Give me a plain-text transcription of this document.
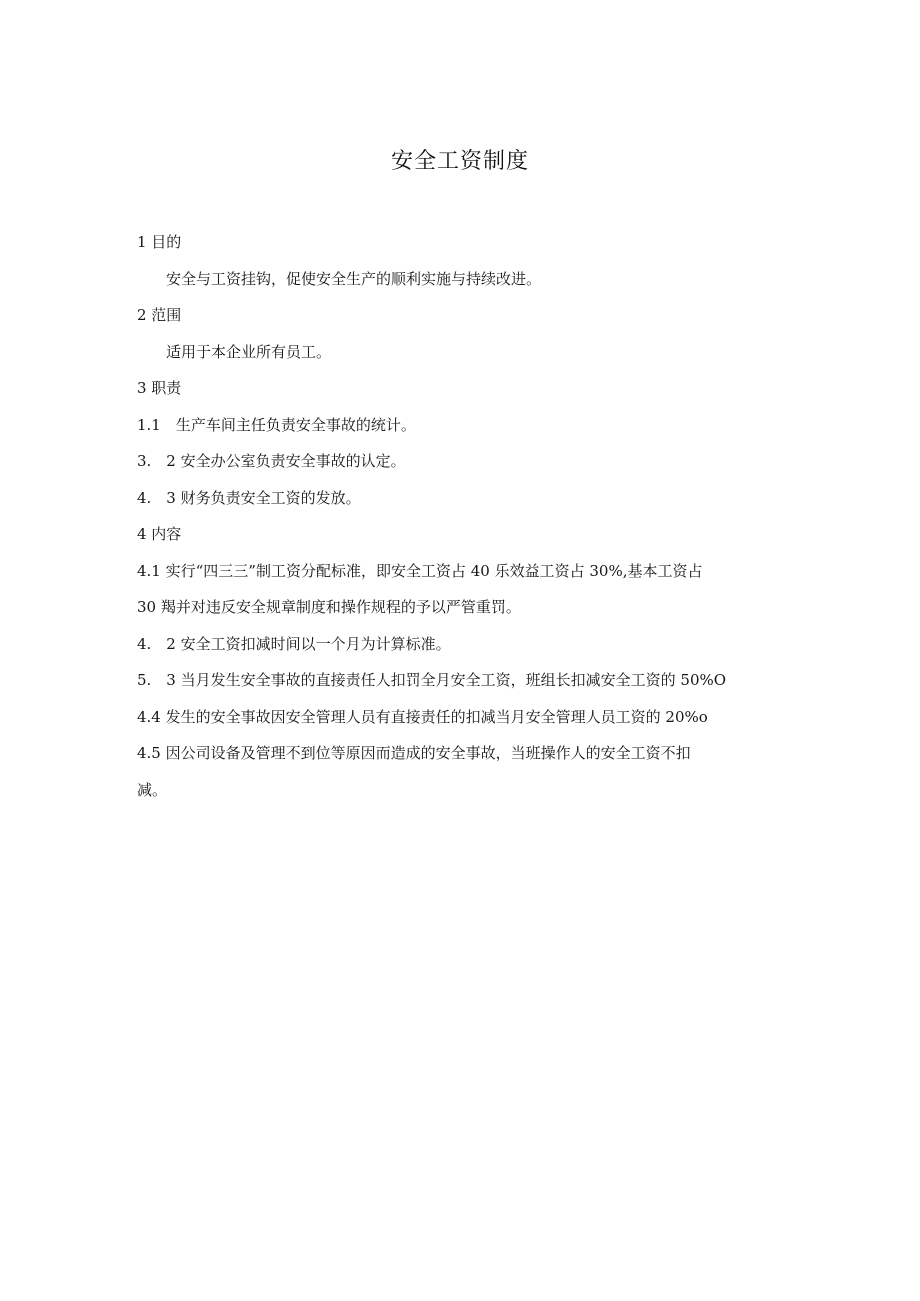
安全工资制度
1 目的
安全与工资挂钩，促使安全生产的顺利实施与持续改进。
2 范围
适用于本企业所有员工。
3 职责
1.1　生产车间主任负责安全事故的统计。
3.　2 安全办公室负责安全事故的认定。
4.　3 财务负责安全工资的发放。
4 内容
4.1 实行“四三三”制工资分配标准，即安全工资占 40 乐效益工资占 30%,基本工资占
30 羯并对违反安全规章制度和操作规程的予以严管重罚。
4.　2 安全工资扣减时间以一个月为计算标准。
5.　3 当月发生安全事故的直接责任人扣罚全月安全工资，班组长扣减安全工资的 50%O
4.4 发生的安全事故因安全管理人员有直接责任的扣减当月安全管理人员工资的 20%o
4.5 因公司设备及管理不到位等原因而造成的安全事故，当班操作人的安全工资不扣
减。
